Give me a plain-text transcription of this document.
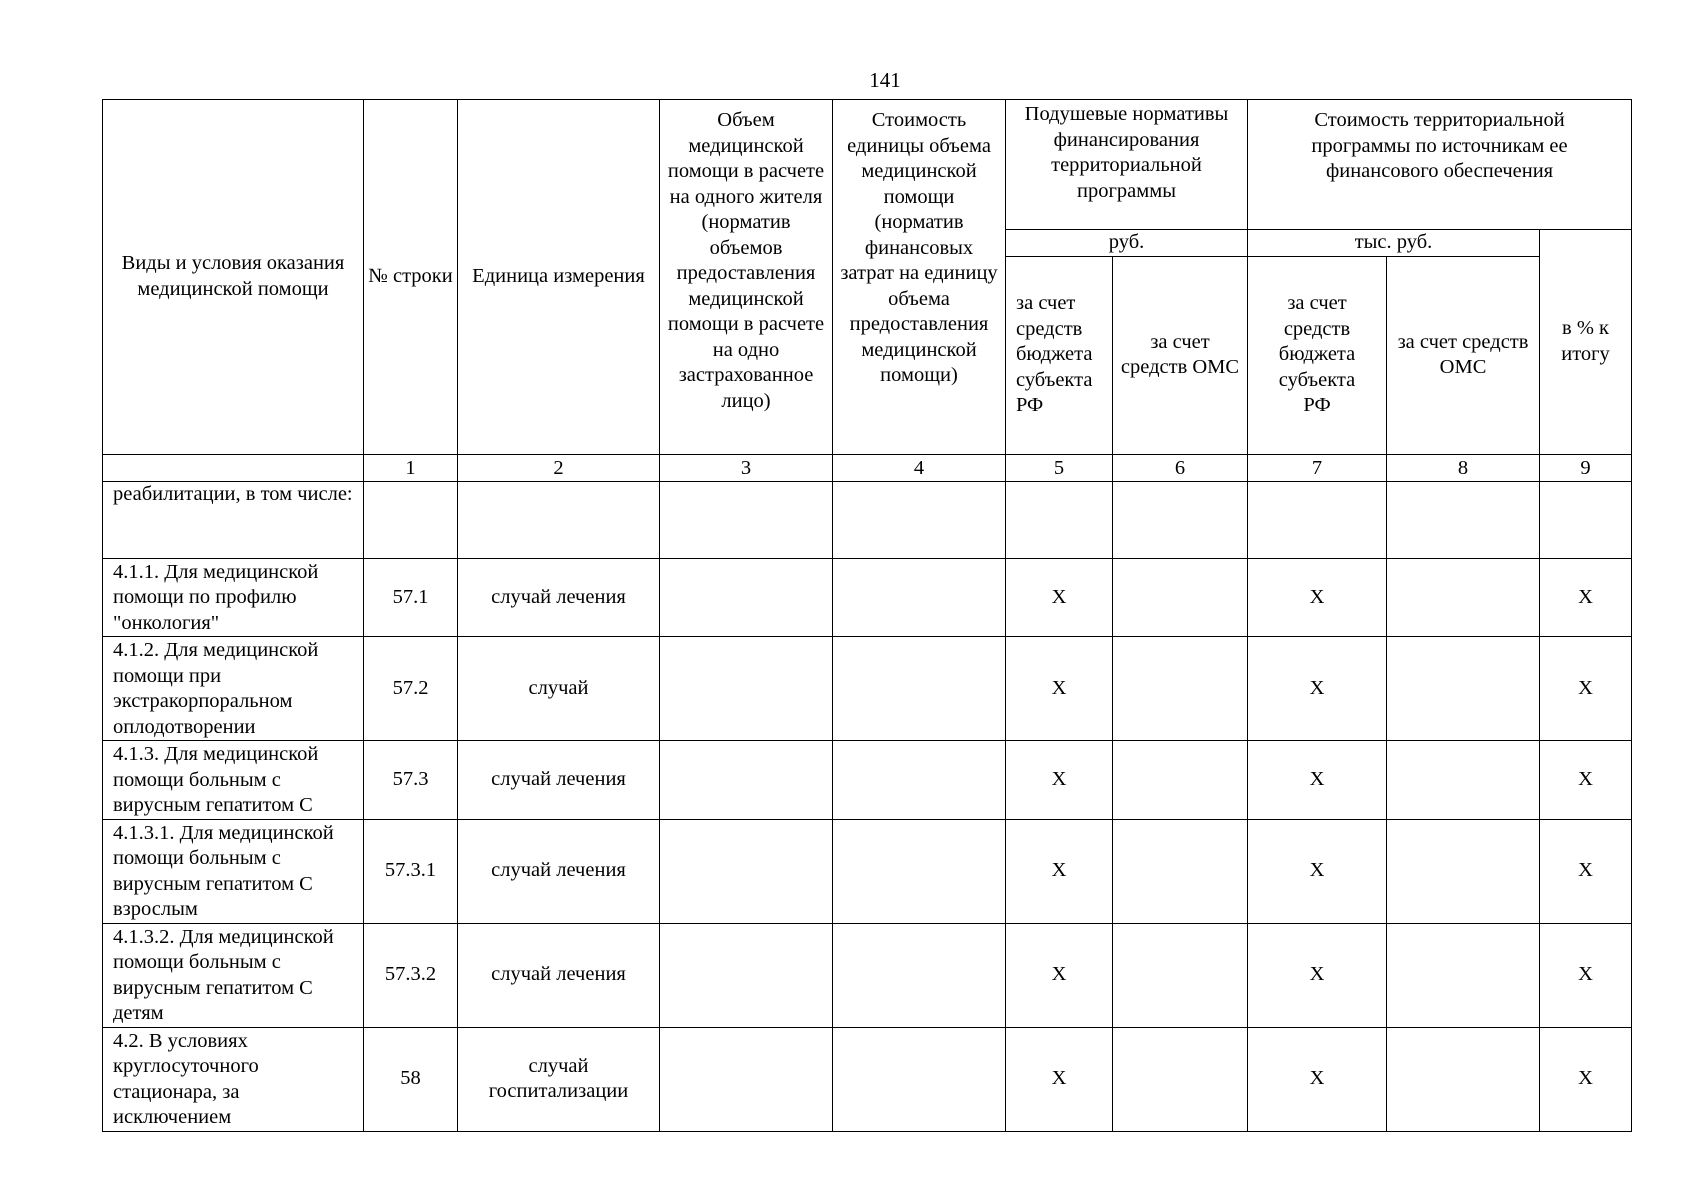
141
Виды и условия оказания медицинской помощи	№ строки	Единица измерения	Объем медицинской помощи в расчете на одного жителя (норматив объемов предоставления медицинской помощи в расчете на одно застрахованное лицо)	Стоимость единицы объема медицинской помощи (норматив финансовых затрат на единицу объема предоставления медицинской помощи)	Подушевые нормативы финансирования территориальной программы		Стоимость территориальной программы по источникам ее финансового обеспечения		
					руб.		тыс. руб.		в % к итогу
					за счет средств бюджета субъекта РФ	за счет средств ОМС	за счет средств бюджета субъекта РФ	за счет средств ОМС	
	1	2	3	4	5	6	7	8	9
реабилитации, в том числе:									
4.1.1. Для медицинской помощи по профилю "онкология"	57.1	случай лечения			Х		Х		Х
4.1.2. Для медицинской помощи при экстракорпоральном оплодотворении	57.2	случай			Х		Х		Х
4.1.3. Для медицинской помощи больным с вирусным гепатитом С	57.3	случай лечения			Х		Х		Х
4.1.3.1. Для медицинской помощи больным с вирусным гепатитом С взрослым	57.3.1	случай лечения			Х		Х		Х
4.1.3.2. Для медицинской помощи больным с вирусным гепатитом С детям	57.3.2	случай лечения			Х		Х		Х
4.2. В условиях круглосуточного стационара, за исключением	58	случай госпитализации			Х		Х		Х
